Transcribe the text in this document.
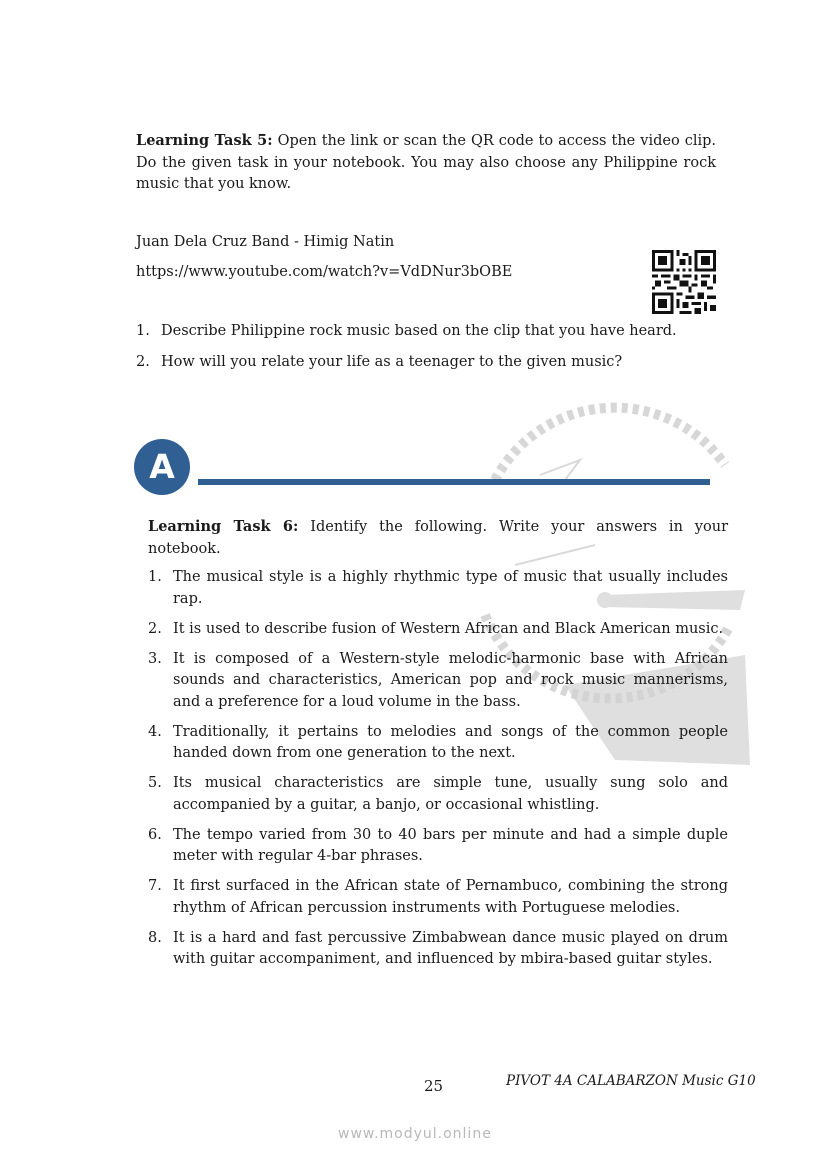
Learning Task 5: Open the link or scan the QR code to access the video clip. Do the given task in your notebook. You may also choose any Philippine rock music that you know.

Juan Dela Cruz Band - Himig Natin

https://www.youtube.com/watch?v=VdDNur3bOBE

1. Describe Philippine rock music based on the clip that you have heard.
2. How will you relate your life as a teenager to the given music?
A

Learning Task 6: Identify the following. Write your answers in your notebook.

1. The musical style is a highly rhythmic type of music that usually includes rap.
2. It is used to describe fusion of Western African and Black American music.
3. It is composed of a Western-style melodic-harmonic base with African sounds and characteristics, American pop and rock music mannerisms, and a preference for a loud volume in the bass.
4. Traditionally, it pertains to melodies and songs of the common people handed down from one generation to the next.
5. Its musical characteristics are simple tune, usually sung solo and accompanied by a guitar, a banjo, or occasional whistling.
6. The tempo varied from 30 to 40 bars per minute and had a simple duple meter with regular 4-bar phrases.
7. It first surfaced in the African state of Pernambuco, combining the strong rhythm of African percussion instruments with Portuguese melodies.
8. It is a hard and fast percussive Zimbabwean dance music played on drum with guitar accompaniment, and influenced by mbira-based guitar styles.
25	PIVOT 4A CALABARZON Music G10
www.modyul.online
